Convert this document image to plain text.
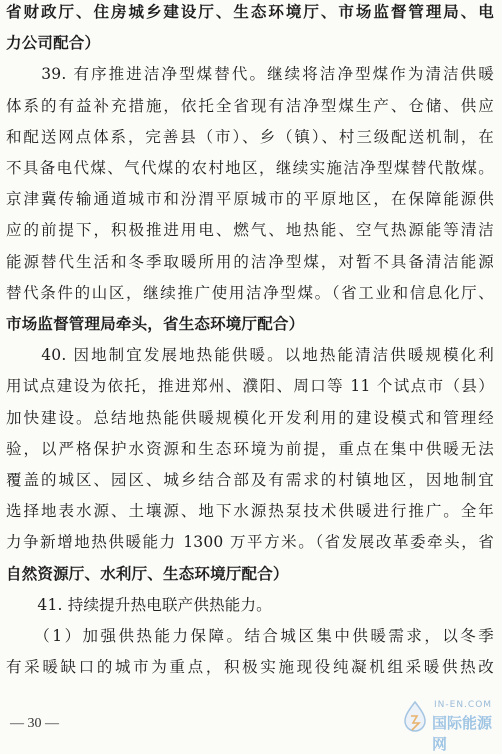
省财政厅、住房城乡建设厅、生态环境厅、市场监督管理局、电

力公司配合）

　　39. 有序推进洁净型煤替代。继续将洁净型煤作为清洁供暖

体系的有益补充措施，依托全省现有洁净型煤生产、仓储、供应

和配送网点体系，完善县（市）、乡（镇）、村三级配送机制，在

不具备电代煤、气代煤的农村地区，继续实施洁净型煤替代散煤。

京津冀传输通道城市和汾渭平原城市的平原地区，在保障能源供

应的前提下，积极推进用电、燃气、地热能、空气热源能等清洁

能源替代生活和冬季取暖所用的洁净型煤，对暂不具备清洁能源

替代条件的山区，继续推广使用洁净型煤。（省工业和信息化厅、

市场监督管理局牵头，省生态环境厅配合）

　　40. 因地制宜发展地热能供暖。以地热能清洁供暖规模化利

用试点建设为依托，推进郑州、濮阳、周口等 11 个试点市（县）

加快建设。总结地热能供暖规模化开发利用的建设模式和管理经

验，以严格保护水资源和生态环境为前提，重点在集中供暖无法

覆盖的城区、园区、城乡结合部及有需求的村镇地区，因地制宜

选择地表水源、土壤源、地下水源热泵技术供暖进行推广。全年

力争新增地热供暖能力 1300 万平方米。（省发展改革委牵头，省

自然资源厅、水利厅、生态环境厅配合）

　　41. 持续提升热电联产供热能力。

　　（1）加强供热能力保障。结合城区集中供暖需求，以冬季

有采暖缺口的城市为重点，积极实施现役纯凝机组采暖供热改

— 30 —
IN-EN.COM
国际能源网
